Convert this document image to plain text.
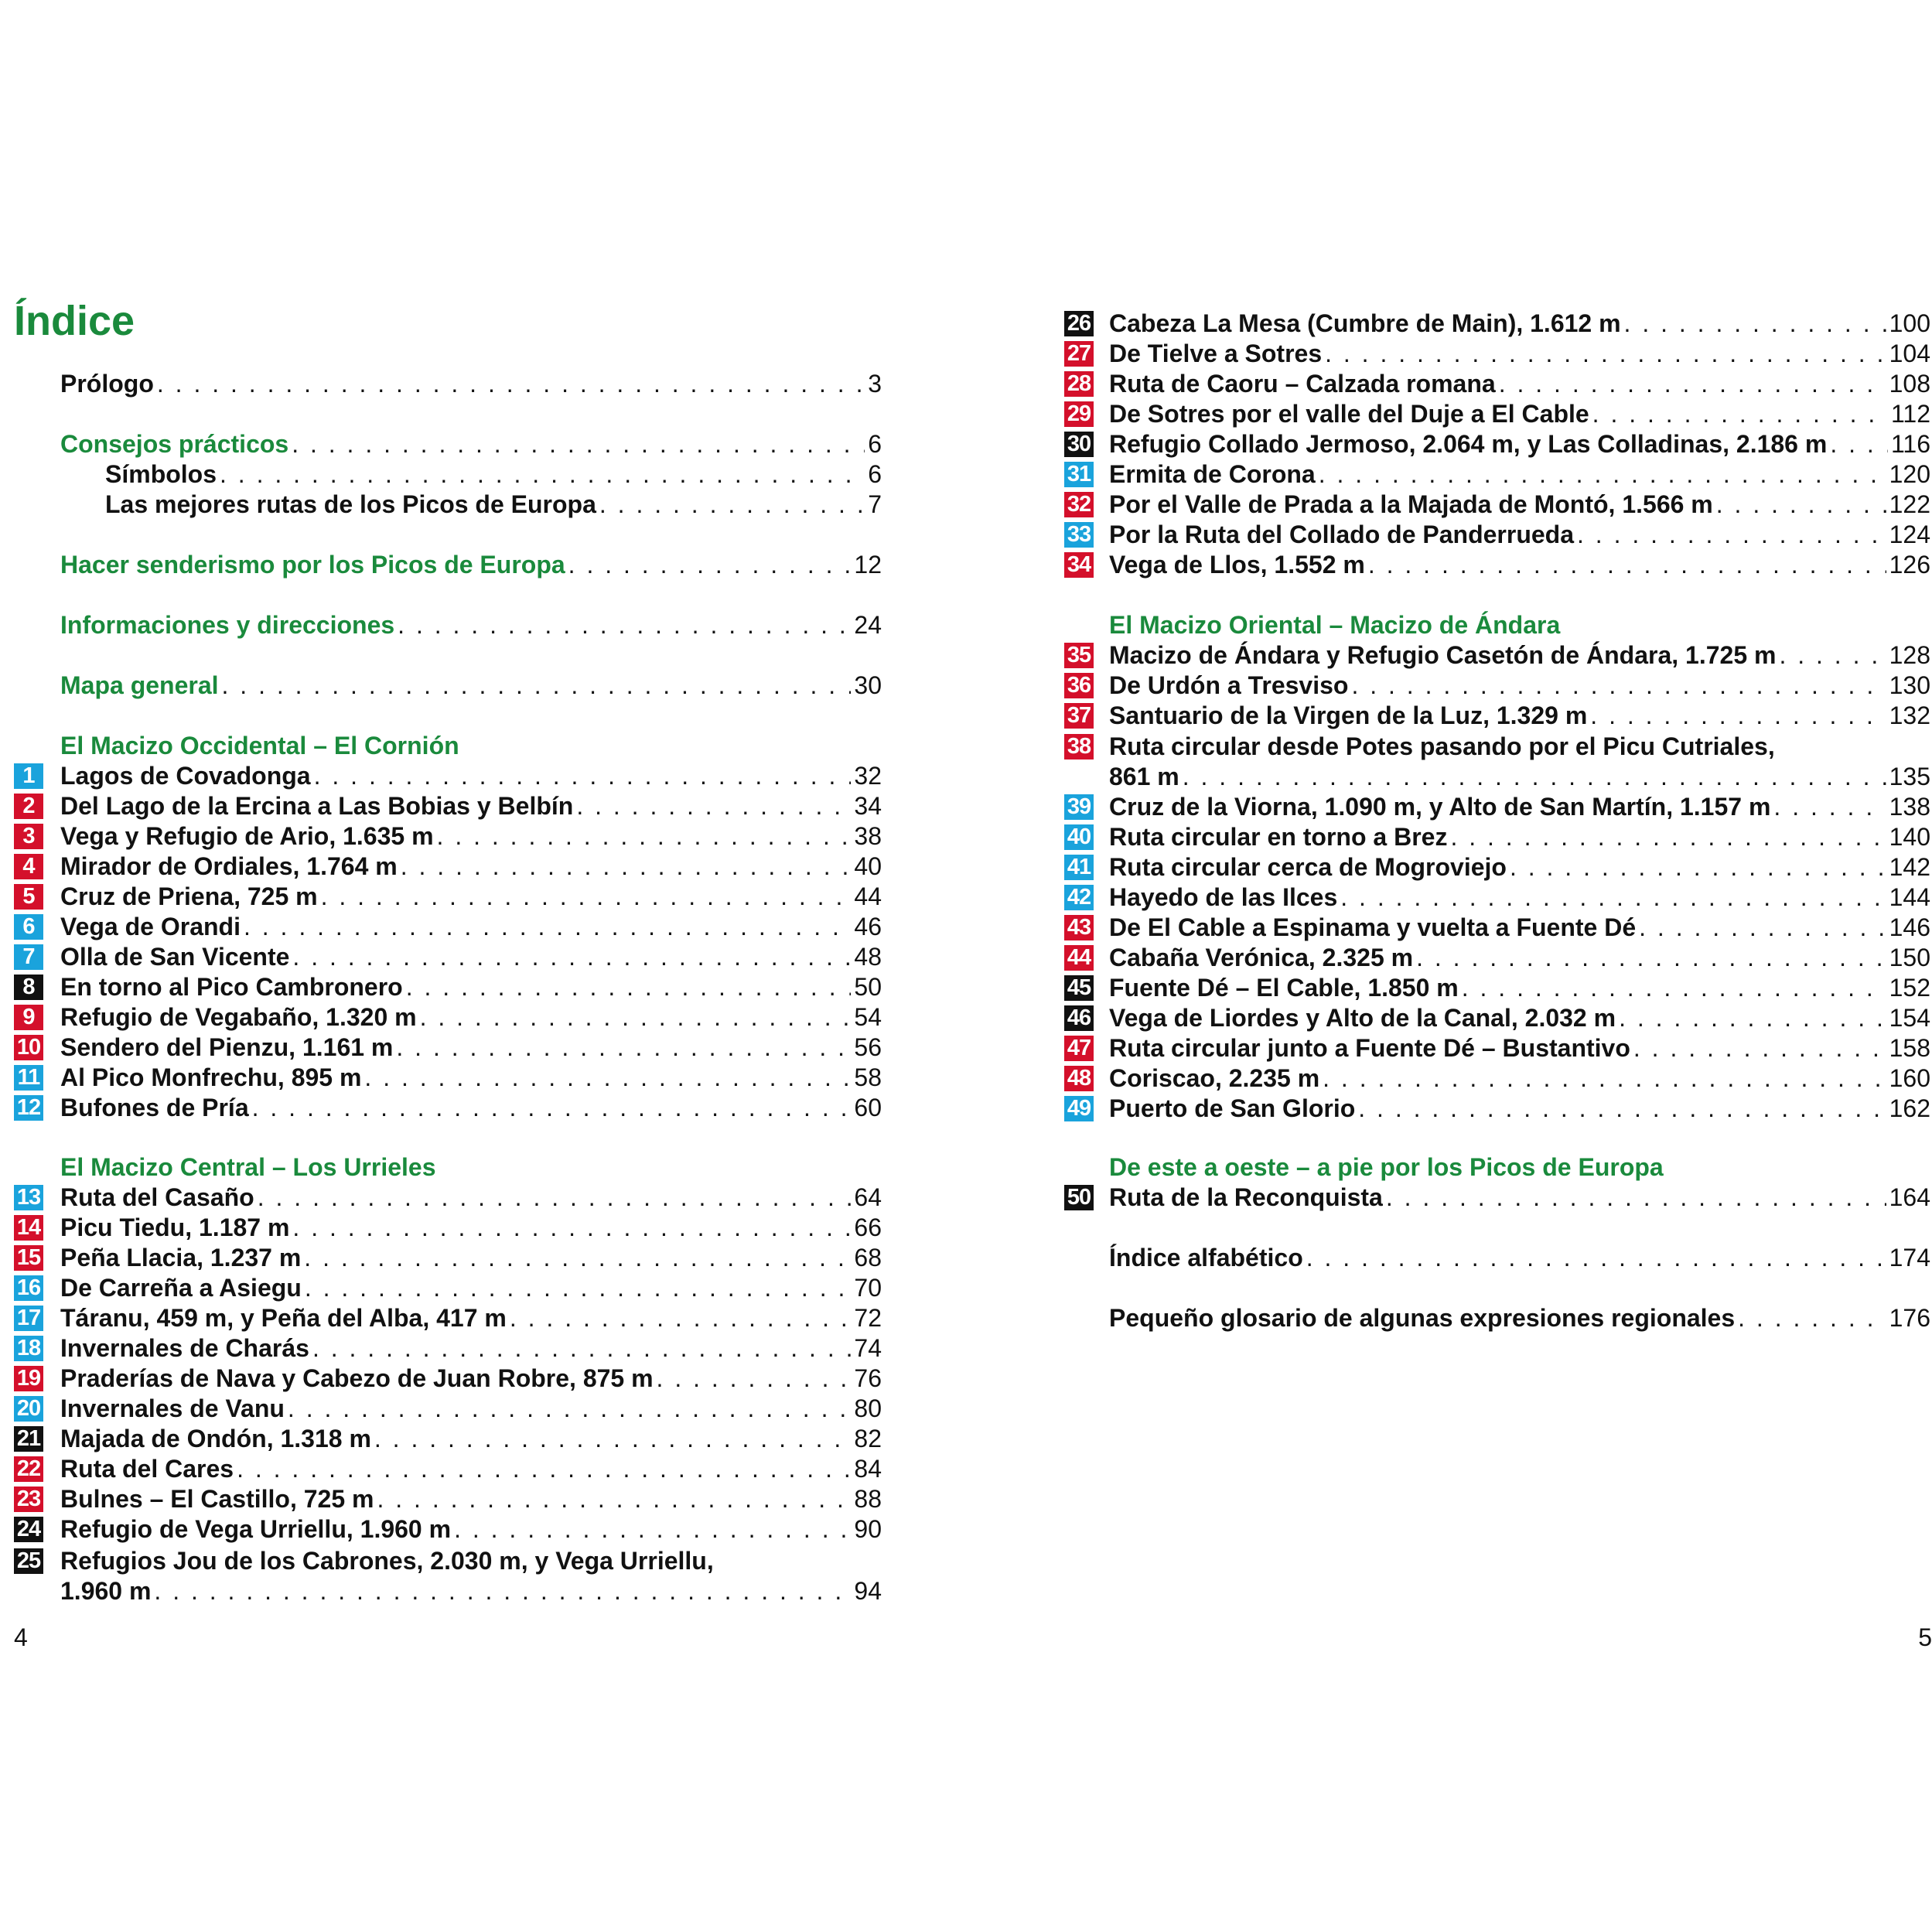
Índice
Prólogo . . .	3
Consejos prácticos . . .	6
Símbolos . . .	6
Las mejores rutas de los Picos de Europa . . .	7
Hacer senderismo por los Picos de Europa . . .	12
Informaciones y direcciones . . .	24
Mapa general . . .	30
El Macizo Occidental – El Cornión
1	Lagos de Covadonga . . .	32
2	Del Lago de la Ercina a Las Bobias y Belbín . . .	34
3	Vega y Refugio de Ario, 1.635 m . . .	38
4	Mirador de Ordiales, 1.764 m . . .	40
5	Cruz de Priena, 725 m . . .	44
6	Vega de Orandi . . .	46
7	Olla de San Vicente . . .	48
8	En torno al Pico Cambronero . . .	50
9	Refugio de Vegabaño, 1.320 m . . .	54
10 Sendero del Pienzu, 1.161 m . . .	56
11 Al Pico Monfrechu, 895 m . . .	58
12 Bufones de Pría . . .	60
El Macizo Central – Los Urrieles
13 Ruta del Casaño . . .	64
14 Picu Tiedu, 1.187 m . . .	66
15 Peña Llacia, 1.237 m . . .	68
16 De Carreña a Asiegu . . .	70
17 Táranu, 459 m, y Peña del Alba, 417 m . . .	72
18 Invernales de Charás . . .	74
19 Praderías de Nava y Cabezo de Juan Robre, 875 m . . .	76
20 Invernales de Vanu . . .	80
21 Majada de Ondón, 1.318 m . . .	82
22 Ruta del Cares . . .	84
23 Bulnes – El Castillo, 725 m . . .	88
24 Refugio de Vega Urriellu, 1.960 m . . .	90
25 Refugios Jou de los Cabrones, 2.030 m, y Vega Urriellu,
1.960 m . . .	94
4
26 Cabeza La Mesa (Cumbre de Main), 1.612 m . . .	100
27 De Tielve a Sotres . . .	104
28 Ruta de Caoru – Calzada romana . . .	108
29 De Sotres por el valle del Duje a El Cable . . .	112
30 Refugio Collado Jermoso, 2.064 m, y Las Colladinas, 2.186 m . . .	116
31 Ermita de Corona . . .	120
32 Por el Valle de Prada a la Majada de Montó, 1.566 m . . .	122
33 Por la Ruta del Collado de Panderrueda . . .	124
34 Vega de Llos, 1.552 m . . .	126
El Macizo Oriental – Macizo de Ándara
35 Macizo de Ándara y Refugio Casetón de Ándara, 1.725 m . . .	128
36 De Urdón a Tresviso . . .	130
37 Santuario de la Virgen de la Luz, 1.329 m . . .	132
38 Ruta circular desde Potes pasando por el Picu Cutriales,
861 m . . .	135
39 Cruz de la Viorna, 1.090 m, y Alto de San Martín, 1.157 m . . .	138
40 Ruta circular en torno a Brez . . .	140
41 Ruta circular cerca de Mogroviejo . . .	142
42 Hayedo de las Ilces . . .	144
43 De El Cable a Espinama y vuelta a Fuente Dé . . .	146
44 Cabaña Verónica, 2.325 m . . .	150
45 Fuente Dé – El Cable, 1.850 m . . .	152
46 Vega de Liordes y Alto de la Canal, 2.032 m . . .	154
47 Ruta circular junto a Fuente Dé – Bustantivo . . .	158
48 Coriscao, 2.235 m . . .	160
49 Puerto de San Glorio . . .	162
De este a oeste – a pie por los Picos de Europa
50 Ruta de la Reconquista . . .	164
Índice alfabético . . .	174
Pequeño glosario de algunas expresiones regionales . . .	176
5
